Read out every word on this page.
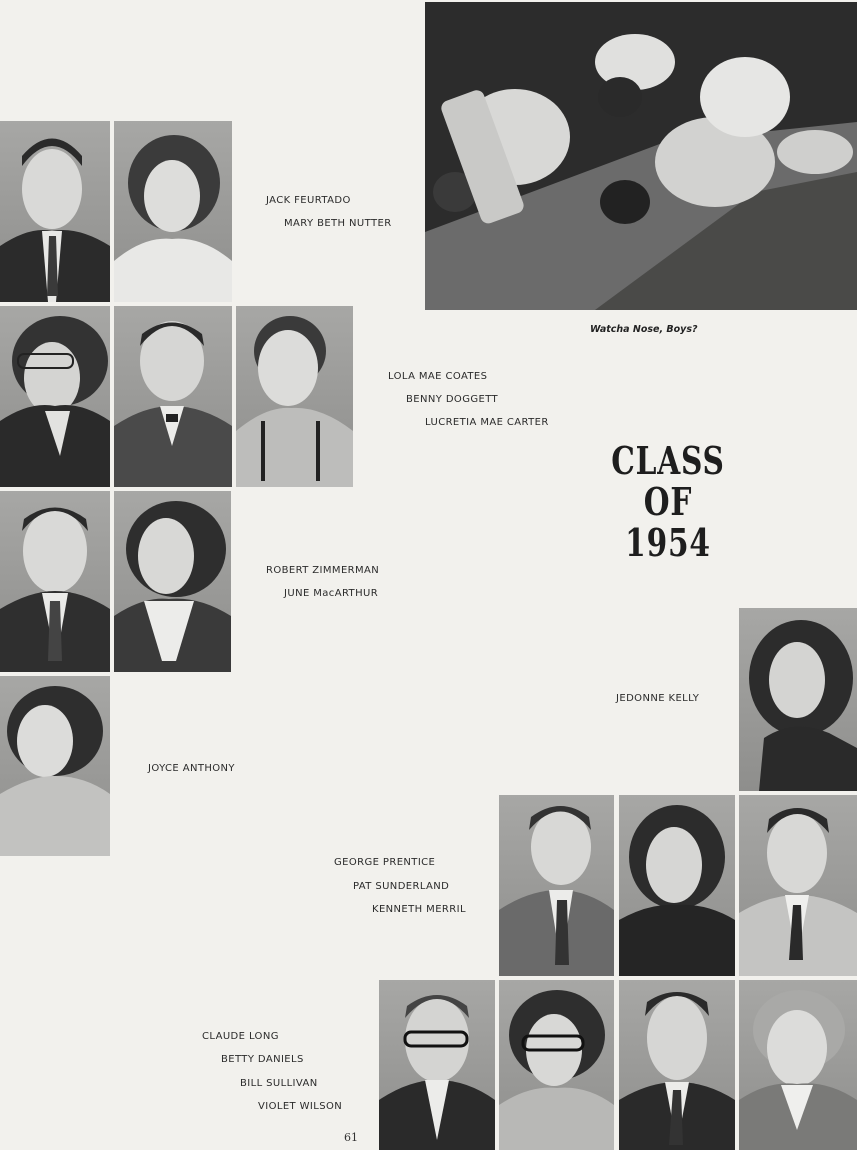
Watcha Nose, Boys?
CLASS
OF 1954
JACK FEURTADO
MARY BETH NUTTER
LOLA MAE COATES
BENNY DOGGETT
LUCRETIA MAE CARTER
ROBERT ZIMMERMAN
JUNE MacARTHUR
JEDONNE KELLY
JOYCE ANTHONY
GEORGE PRENTICE
PAT SUNDERLAND
KENNETH MERRIL
CLAUDE LONG
BETTY DANIELS
BILL SULLIVAN
VIOLET WILSON
61
